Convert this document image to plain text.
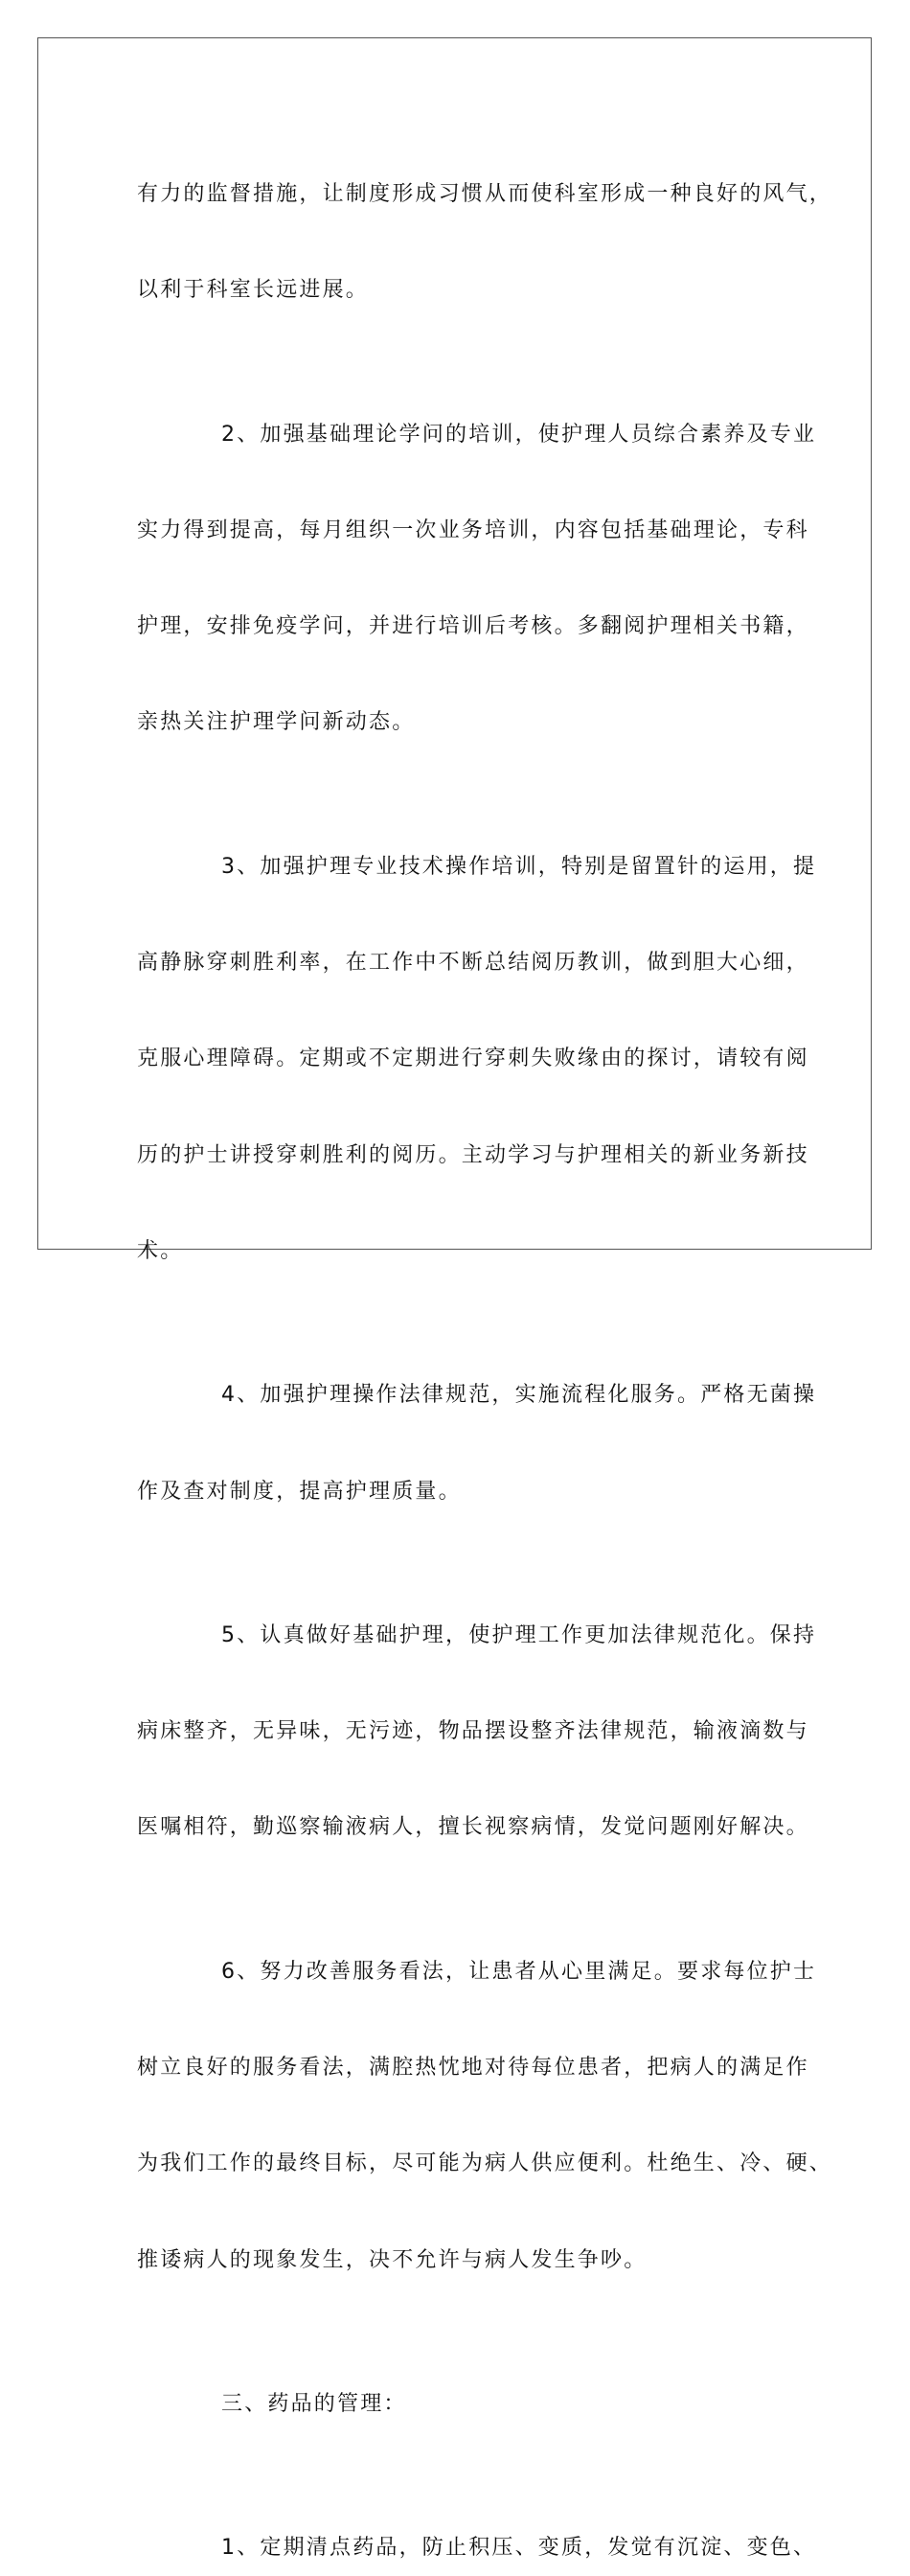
有力的监督措施，让制度形成习惯从而使科室形成一种良好的风气，

以利于科室长远进展。

2、加强基础理论学问的培训，使护理人员综合素养及专业

实力得到提高，每月组织一次业务培训，内容包括基础理论，专科

护理，安排免疫学问，并进行培训后考核。多翻阅护理相关书籍，

亲热关注护理学问新动态。

3、加强护理专业技术操作培训，特别是留置针的运用，提

高静脉穿刺胜利率，在工作中不断总结阅历教训，做到胆大心细，

克服心理障碍。定期或不定期进行穿刺失败缘由的探讨，请较有阅

历的护士讲授穿刺胜利的阅历。主动学习与护理相关的新业务新技

术。

4、加强护理操作法律规范，实施流程化服务。严格无菌操

作及查对制度，提高护理质量。

5、认真做好基础护理，使护理工作更加法律规范化。保持

病床整齐，无异味，无污迹，物品摆设整齐法律规范，输液滴数与

医嘱相符，勤巡察输液病人，擅长视察病情，发觉问题刚好解决。

6、努力改善服务看法，让患者从心里满足。要求每位护士

树立良好的服务看法，满腔热忱地对待每位患者，把病人的满足作

为我们工作的最终目标，尽可能为病人供应便利。杜绝生、冷、硬、

推诿病人的现象发生，决不允许与病人发生争吵。

三、药品的管理：

1、定期清点药品，防止积压、变质，发觉有沉淀、变色、
